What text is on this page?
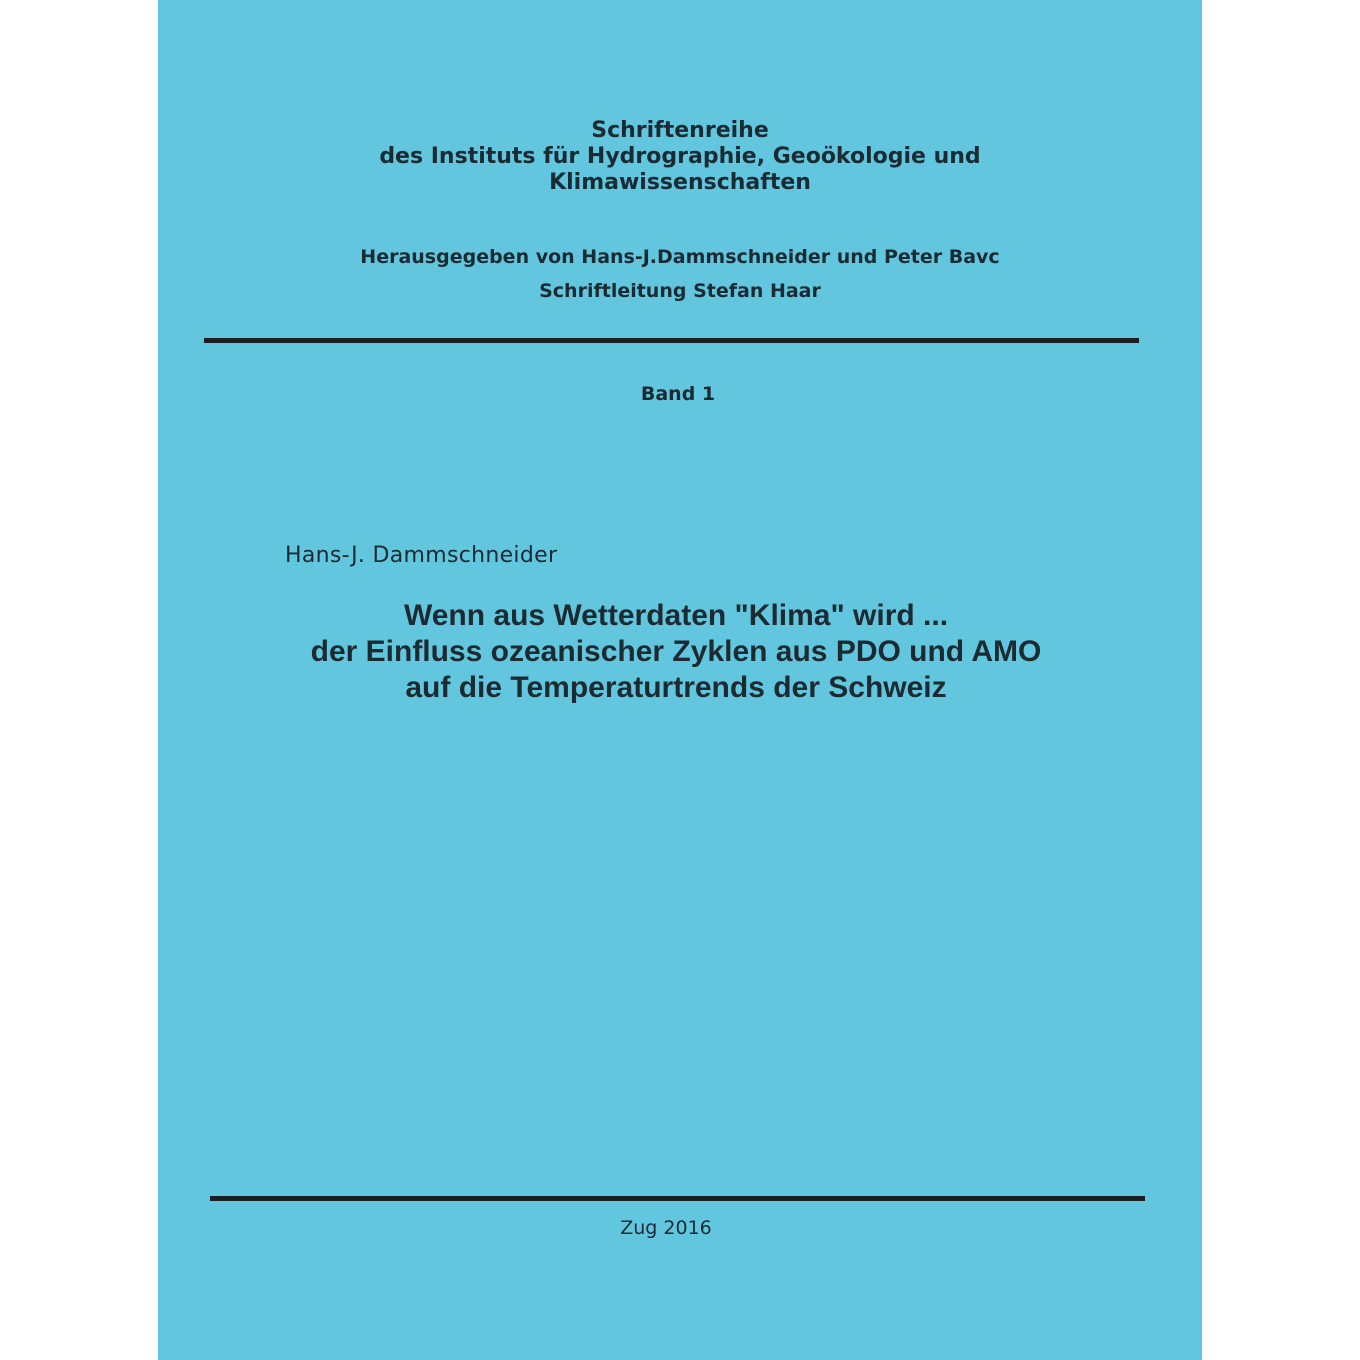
Schriftenreihe
des Instituts für Hydrographie, Geoökologie und
Klimawissenschaften
Herausgegeben von Hans-J.Dammschneider und Peter Bavc
Schriftleitung Stefan Haar
Band 1
Hans-J. Dammschneider
Wenn aus Wetterdaten "Klima" wird ...
der Einfluss ozeanischer Zyklen aus PDO und AMO
auf die Temperaturtrends der Schweiz
Zug 2016
